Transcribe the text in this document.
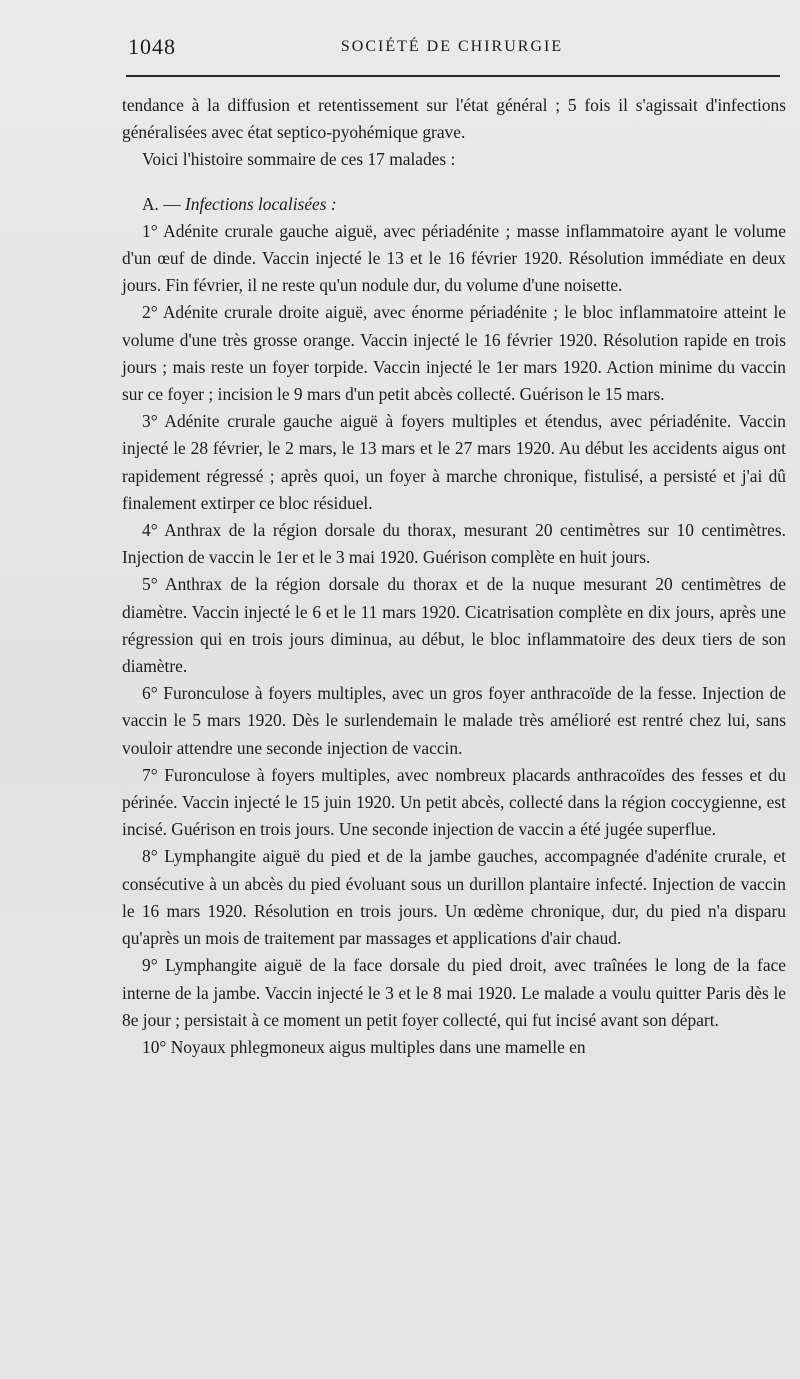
1048	SOCIÉTÉ DE CHIRURGIE

tendance à la diffusion et retentissement sur l'état général ; 5 fois il s'agissait d'infections généralisées avec état septico-pyohémique grave.

Voici l'histoire sommaire de ces 17 malades :

A. — Infections localisées :

1° Adénite crurale gauche aiguë, avec périadénite ; masse inflammatoire ayant le volume d'un œuf de dinde. Vaccin injecté le 13 et le 16 février 1920. Résolution immédiate en deux jours. Fin février, il ne reste qu'un nodule dur, du volume d'une noisette.

2° Adénite crurale droite aiguë, avec énorme périadénite ; le bloc inflammatoire atteint le volume d'une très grosse orange. Vaccin injecté le 16 février 1920. Résolution rapide en trois jours ; mais reste un foyer torpide. Vaccin injecté le 1er mars 1920. Action minime du vaccin sur ce foyer ; incision le 9 mars d'un petit abcès collecté. Guérison le 15 mars.

3° Adénite crurale gauche aiguë à foyers multiples et étendus, avec périadénite. Vaccin injecté le 28 février, le 2 mars, le 13 mars et le 27 mars 1920. Au début les accidents aigus ont rapidement régressé ; après quoi, un foyer à marche chronique, fistulisé, a persisté et j'ai dû finalement extirper ce bloc résiduel.

4° Anthrax de la région dorsale du thorax, mesurant 20 centimètres sur 10 centimètres. Injection de vaccin le 1er et le 3 mai 1920. Guérison complète en huit jours.

5° Anthrax de la région dorsale du thorax et de la nuque mesurant 20 centimètres de diamètre. Vaccin injecté le 6 et le 11 mars 1920. Cicatrisation complète en dix jours, après une régression qui en trois jours diminua, au début, le bloc inflammatoire des deux tiers de son diamètre.

6° Furonculose à foyers multiples, avec un gros foyer anthracoïde de la fesse. Injection de vaccin le 5 mars 1920. Dès le surlendemain le malade très amélioré est rentré chez lui, sans vouloir attendre une seconde injection de vaccin.

7° Furonculose à foyers multiples, avec nombreux placards anthracoïdes des fesses et du périnée. Vaccin injecté le 15 juin 1920. Un petit abcès, collecté dans la région coccygienne, est incisé. Guérison en trois jours. Une seconde injection de vaccin a été jugée superflue.

8° Lymphangite aiguë du pied et de la jambe gauches, accompagnée d'adénite crurale, et consécutive à un abcès du pied évoluant sous un durillon plantaire infecté. Injection de vaccin le 16 mars 1920. Résolution en trois jours. Un œdème chronique, dur, du pied n'a disparu qu'après un mois de traitement par massages et applications d'air chaud.

9° Lymphangite aiguë de la face dorsale du pied droit, avec traînées le long de la face interne de la jambe. Vaccin injecté le 3 et le 8 mai 1920. Le malade a voulu quitter Paris dès le 8e jour ; persistait à ce moment un petit foyer collecté, qui fut incisé avant son départ.

10° Noyaux phlegmoneux aigus multiples dans une mamelle en
